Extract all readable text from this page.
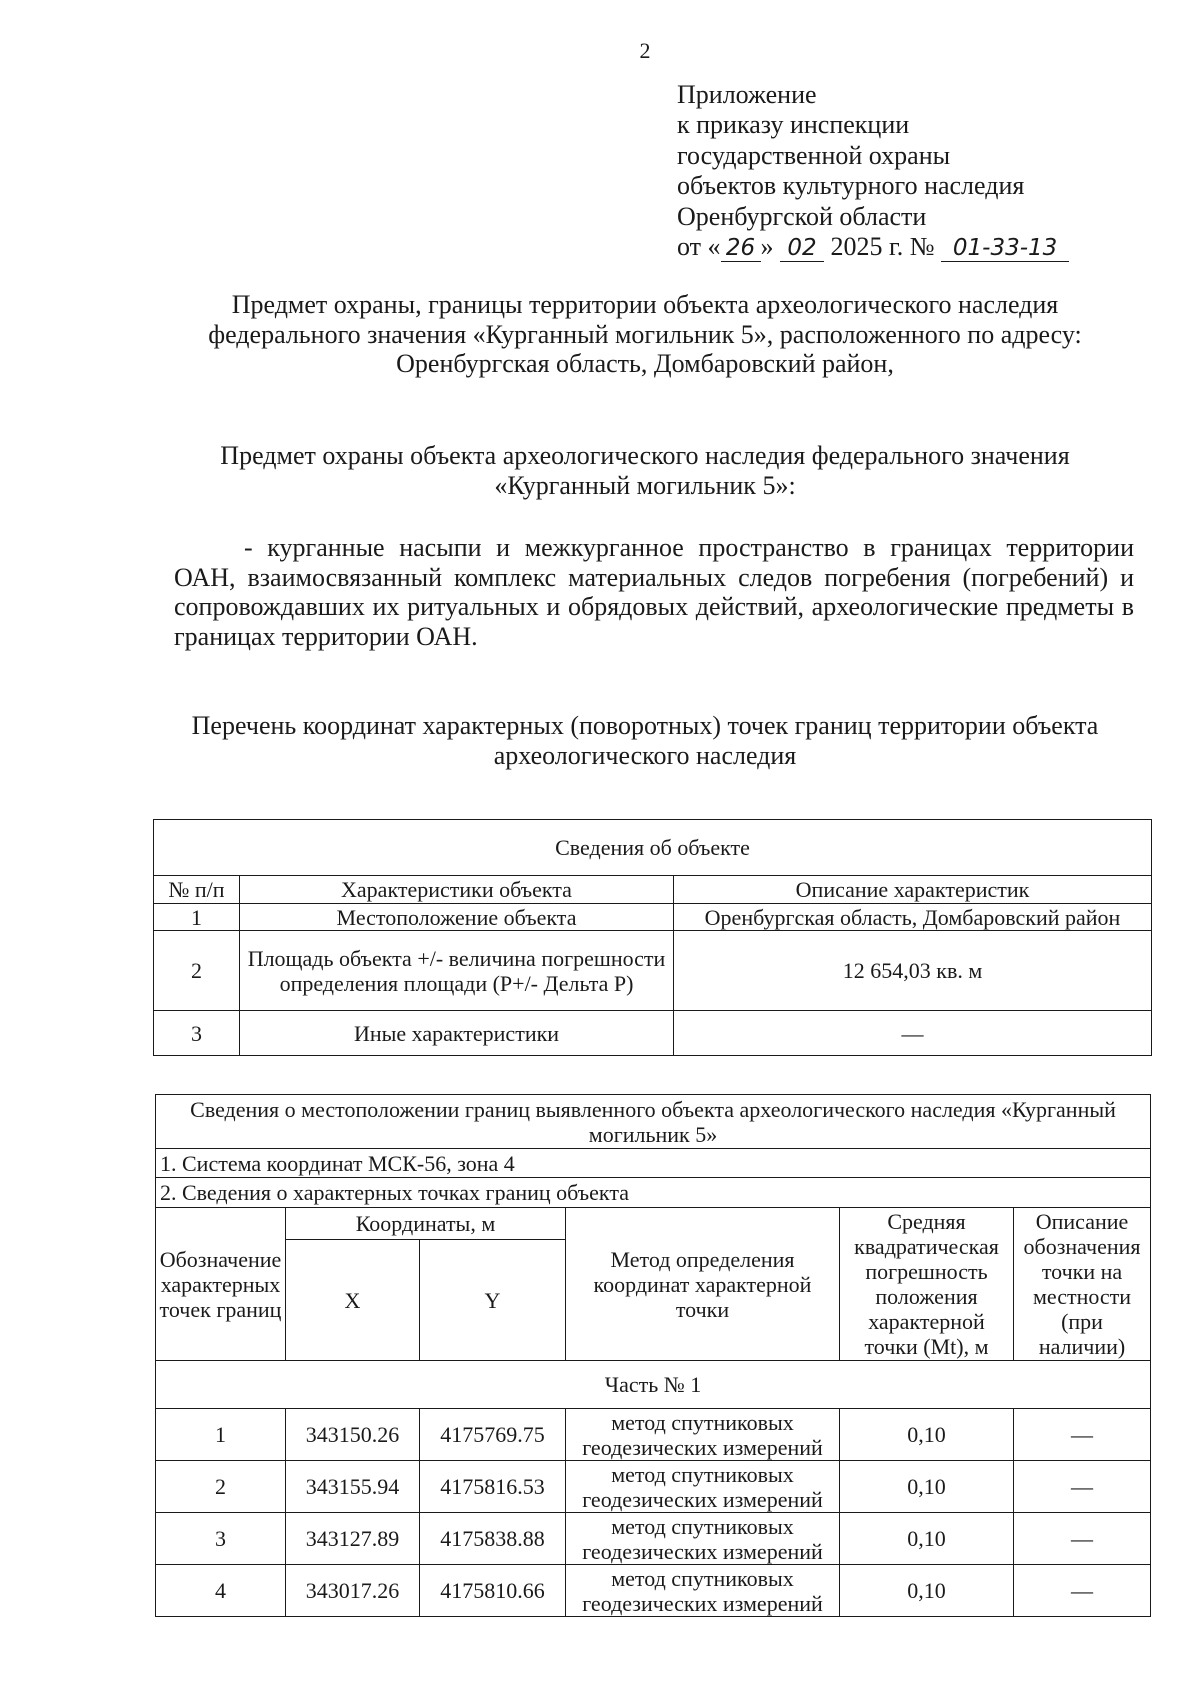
2
Приложение
к приказу инспекции
государственной охраны
объектов культурного наследия
Оренбургской области
от « 26 » 02 2025 г. № 01-33-13
Предмет охраны, границы территории объекта археологического наследия федерального значения «Курганный могильник 5», расположенного по адресу: Оренбургская область, Домбаровский район,
Предмет охраны объекта археологического наследия федерального значения «Курганный могильник 5»:
- курганные насыпи и межкурганное пространство в границах территории ОАН, взаимосвязанный комплекс материальных следов погребения (погребений) и сопровождавших их ритуальных и обрядовых действий, археологические предметы в границах территории ОАН.
Перечень координат характерных (поворотных) точек границ территории объекта археологического наследия
Сведения об объекте		
№ п/п	Характеристики объекта	Описание характеристик
1	Местоположение объекта	Оренбургская область, Домбаровский район
2	Площадь объекта +/- величина погрешности определения площади (P+/- Дельта P)	12 654,03 кв. м
3	Иные характеристики	—
Сведения о местоположении границ выявленного объекта археологического наследия «Курганный могильник 5»					
1. Система координат МСК-56, зона 4					
2. Сведения о характерных точках границ объекта					
Обозначение характерных точек границ	Координаты, м		Метод определения координат характерной точки	Средняя квадратическая погрешность положения характерной точки (Mt), м	Описание обозначения точки на местности (при наличии)
	X	Y			
Часть № 1					
1	343150.26	4175769.75	метод спутниковых геодезических измерений	0,10	—
2	343155.94	4175816.53	метод спутниковых геодезических измерений	0,10	—
3	343127.89	4175838.88	метод спутниковых геодезических измерений	0,10	—
4	343017.26	4175810.66	метод спутниковых геодезических измерений	0,10	—
